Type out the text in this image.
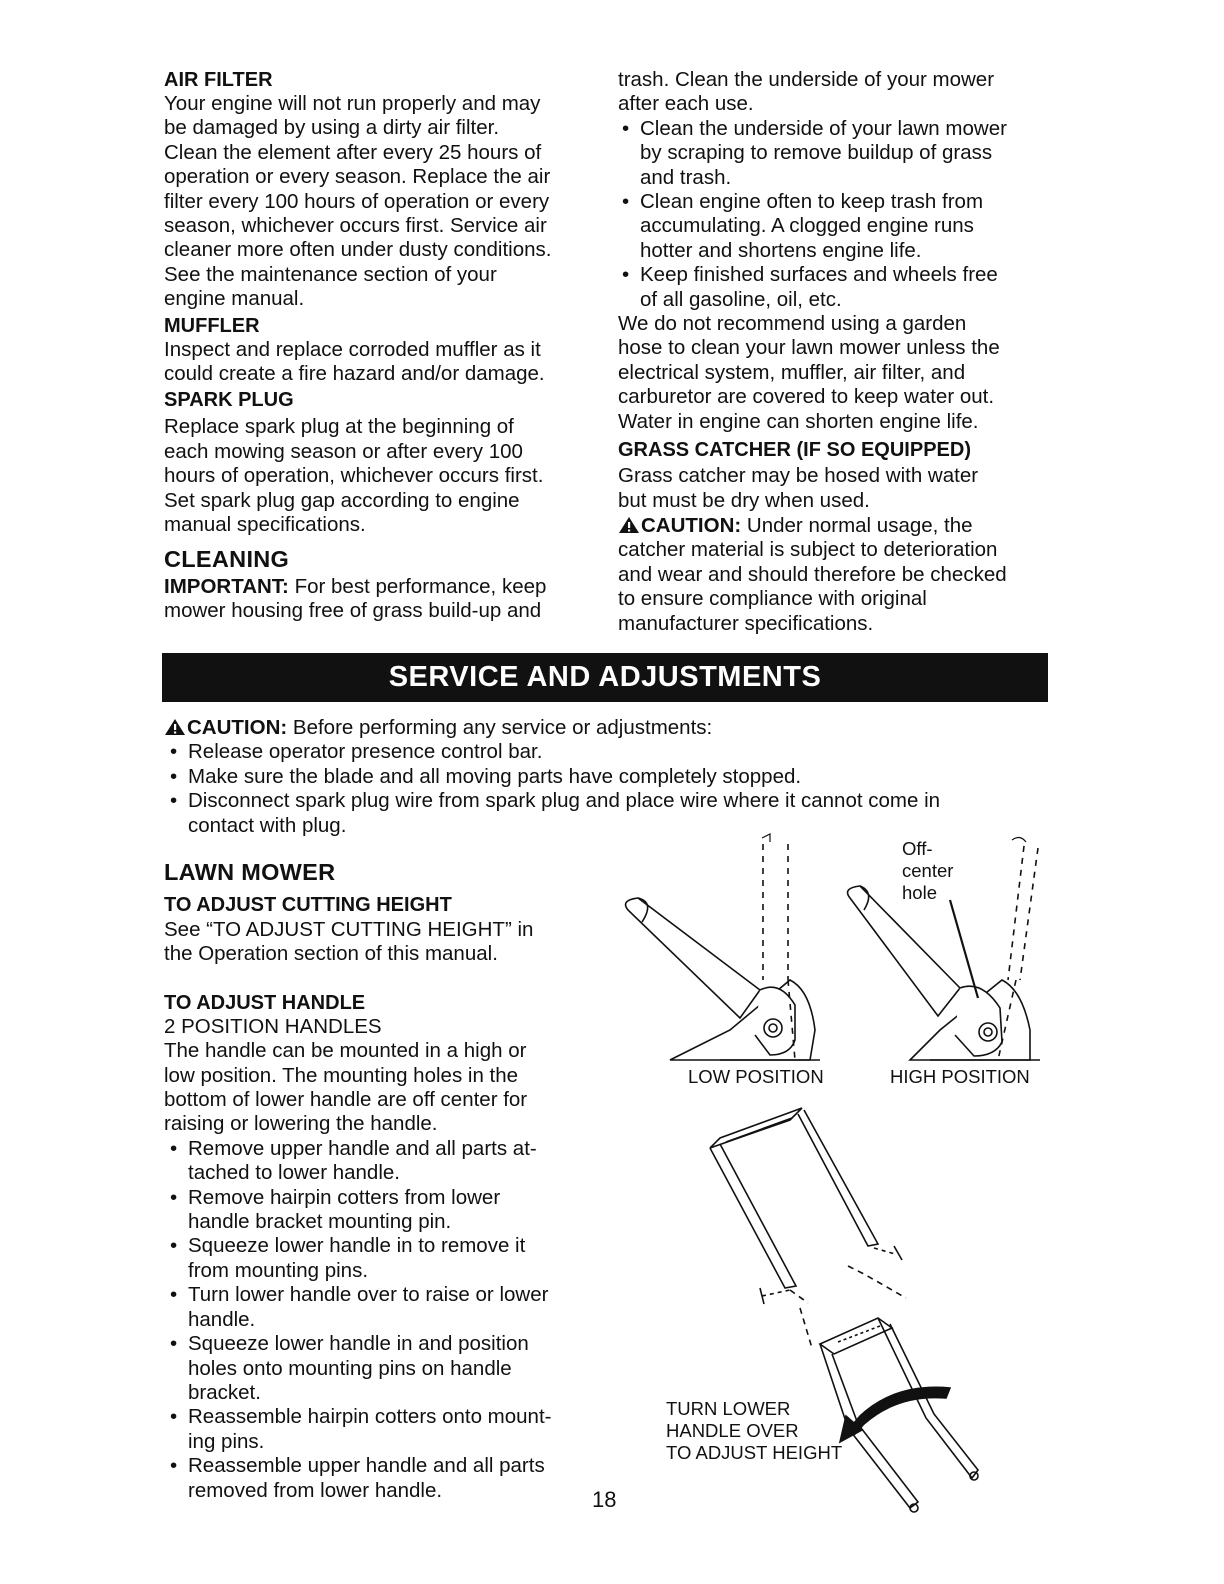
AIR FILTER

Your engine will not run properly and may

be damaged by using a dirty air filter.

Clean the element after every 25 hours of

operation or every season. Replace the air

filter every 100 hours of operation or every

season, whichever occurs first. Service air

cleaner more often under dusty conditions.

See the maintenance section of your

engine manual.

MUFFLER

Inspect and replace corroded muffler as it

could create a fire hazard and/or damage.

SPARK PLUG

Replace spark plug at the beginning of

each mowing season or after every 100

hours of operation, whichever occurs first.

Set spark plug gap according to engine

manual specifications.

CLEANING

IMPORTANT: For best performance, keep

mower housing free of grass build-up and

trash. Clean the underside of your mower

after each use.

• Clean the underside of your lawn mower

by scraping to remove buildup of grass

and trash.

• Clean engine often to keep trash from

accumulating. A clogged engine runs

hotter and shortens engine life.

• Keep finished surfaces and wheels free

of all gasoline, oil, etc.

We do not recommend using a garden

hose to clean your lawn mower unless the

electrical system, muffler, air filter, and

carburetor are covered to keep water out.

Water in engine can shorten engine life.

GRASS CATCHER (IF SO EQUIPPED)

Grass catcher may be hosed with water

but must be dry when used.

CAUTION: Under normal usage, the

catcher material is subject to deterioration

and wear and should therefore be checked

to ensure compliance with original

manufacturer specifications.

SERVICE AND ADJUSTMENTS

CAUTION: Before performing any service or adjustments:

• Release operator presence control bar.

• Make sure the blade and all moving parts have completely stopped.

• Disconnect spark plug wire from spark plug and place wire where it cannot come in

contact with plug.

LAWN MOWER
TO ADJUST CUTTING HEIGHT

See “TO ADJUST CUTTING HEIGHT” in

the Operation section of this manual.

TO ADJUST HANDLE

2 POSITION HANDLES

The handle can be mounted in a high or

low position. The mounting holes in the

bottom of lower handle are off center for

raising or lowering the handle.

• Remove upper handle and all parts at-

tached to lower handle.

• Remove hairpin cotters from lower

handle bracket mounting pin.

• Squeeze lower handle in to remove it

from mounting pins.

• Turn lower handle over to raise or lower

handle.

• Squeeze lower handle in and position

holes onto mounting pins on handle

bracket.

• Reassemble hairpin cotters onto mount-

ing pins.

• Reassemble upper handle and all parts

removed from lower handle.

Off-

center

hole

LOW POSITION	HIGH POSITION

TURN LOWER

HANDLE OVER

TO ADJUST HEIGHT

18
